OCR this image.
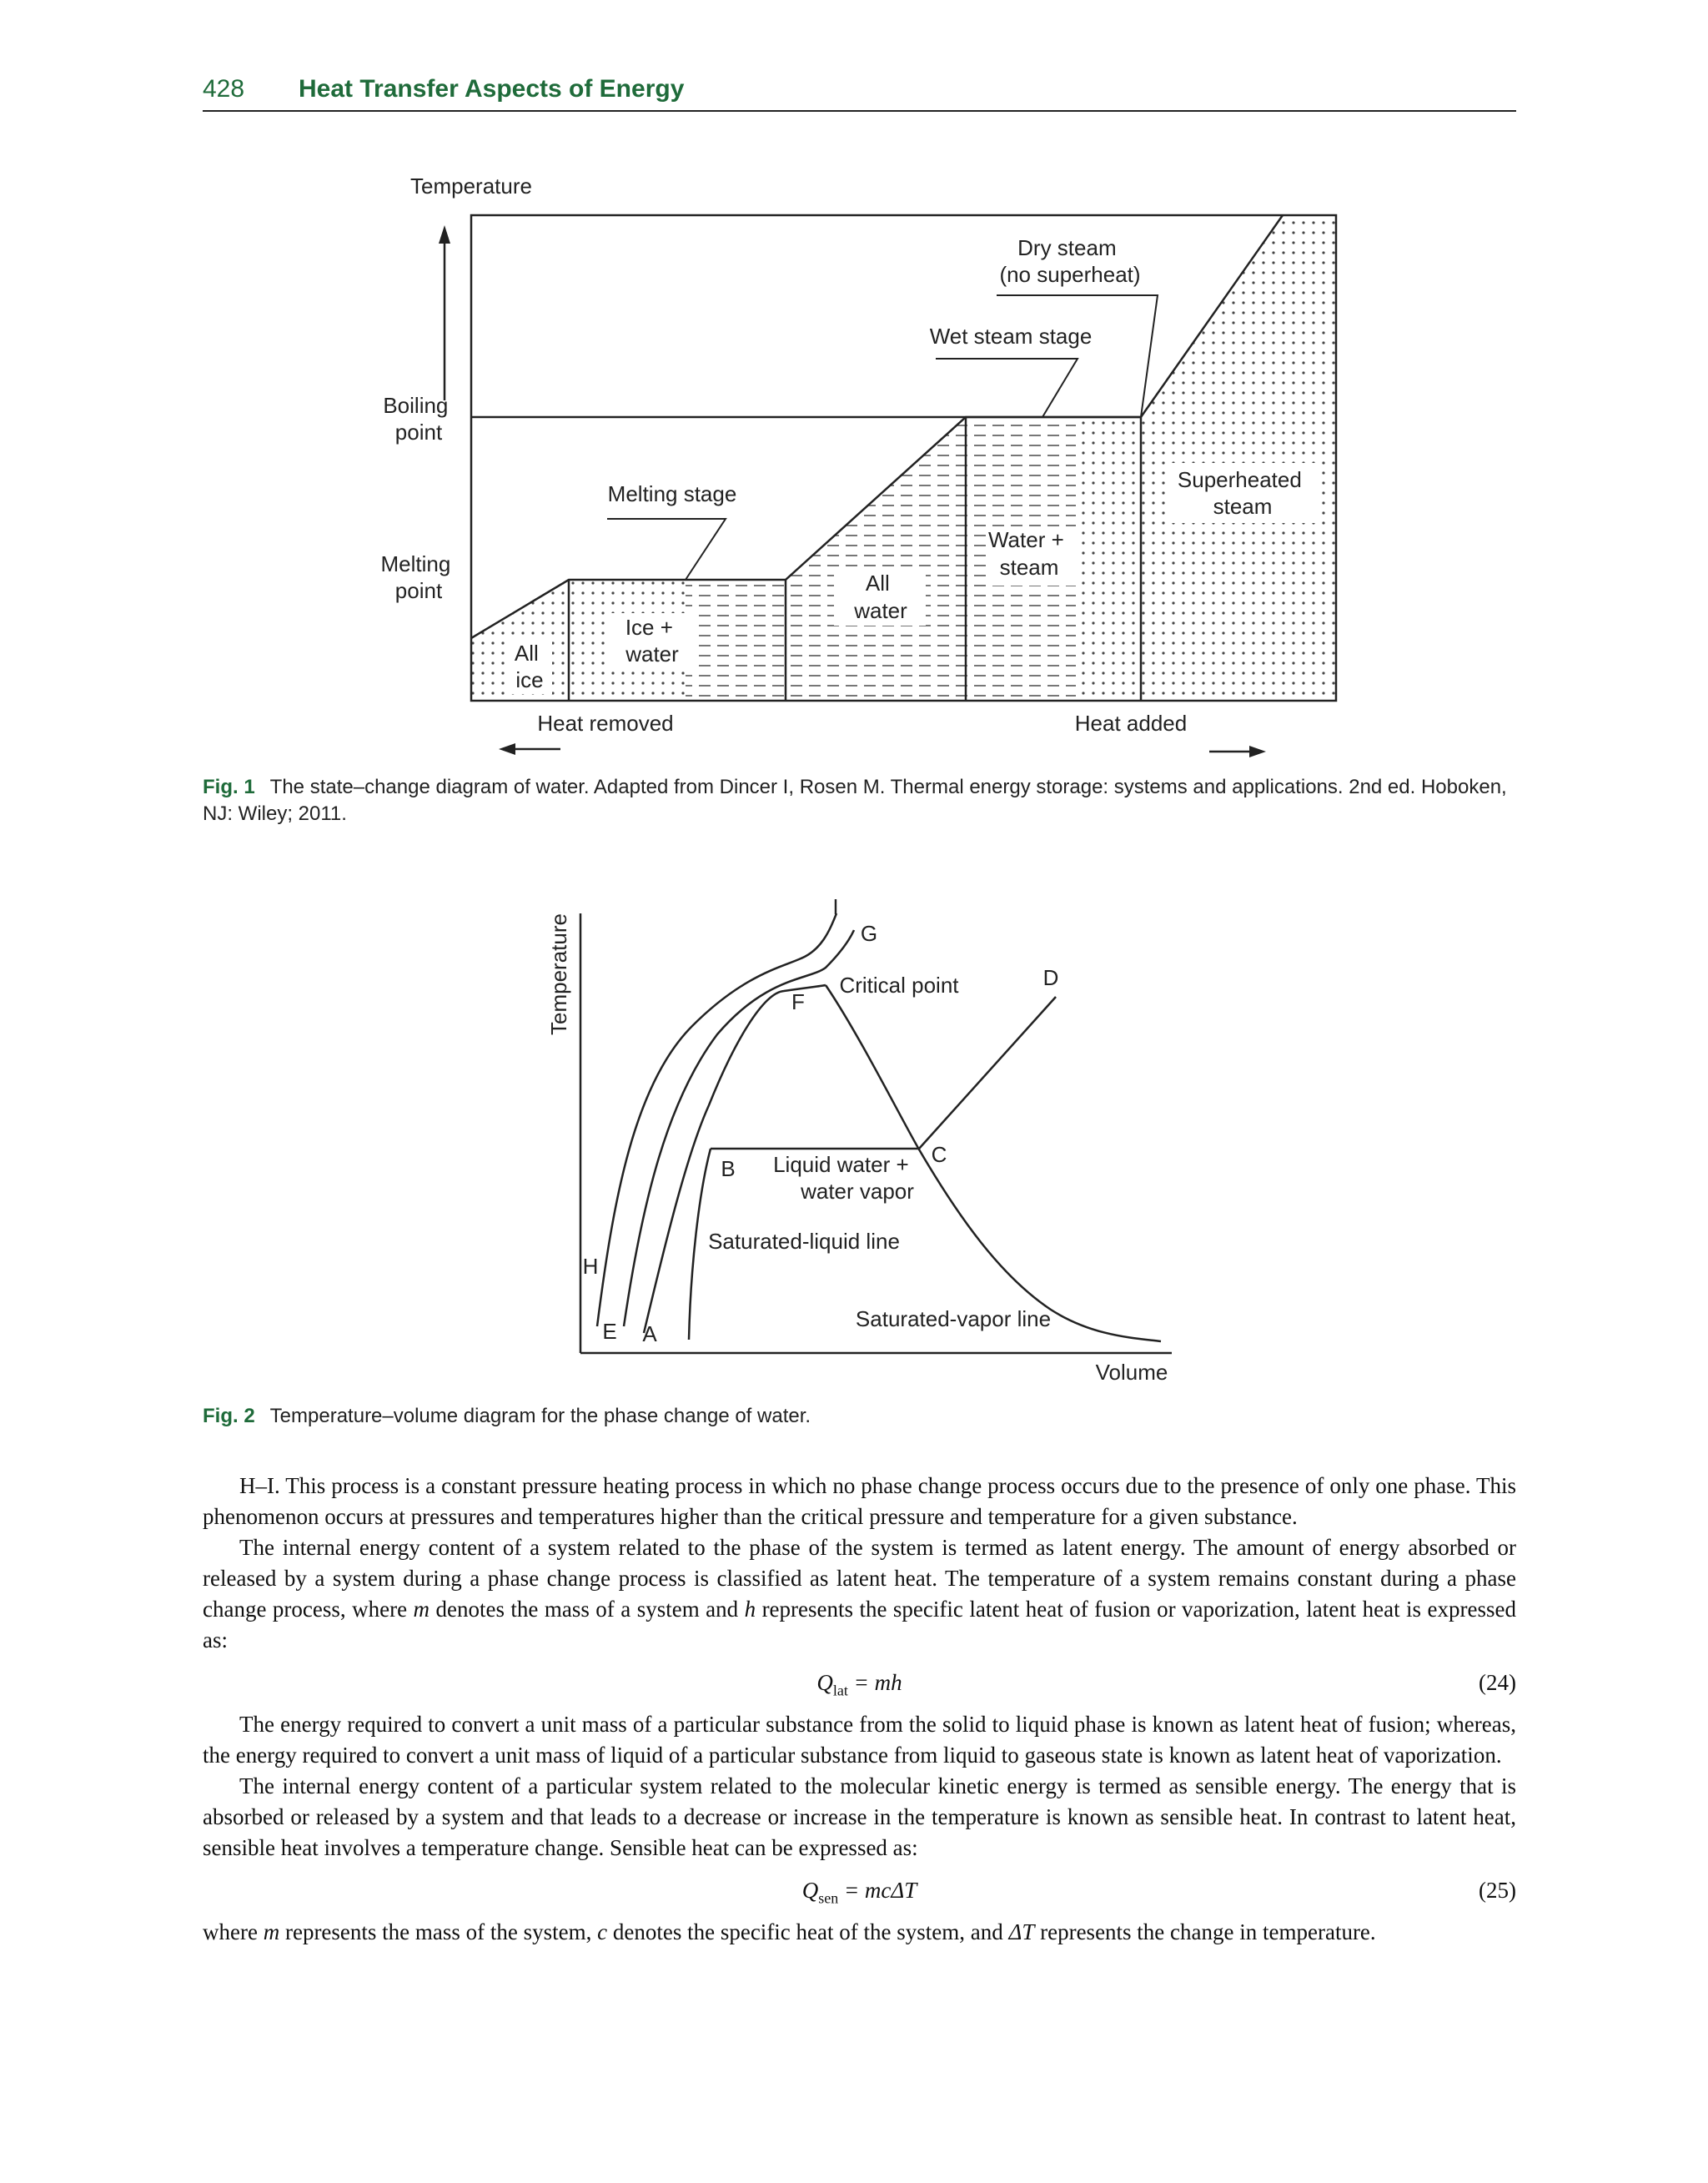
428 Heat Transfer Aspects of Energy
Temperature
Boiling point
Melting point
Dry steam (no superheat)
Wet steam stage
Melting stage
Superheated steam
Water + steam
All water
Ice + water
All ice
Heat removed	Heat added
Fig. 1 The state–change diagram of water. Adapted from Dincer I, Rosen M. Thermal energy storage: systems and applications. 2nd ed. Hoboken, NJ: Wiley; 2011.
Temperature
Volume
I
G
F
Critical point	D
C
B Liquid water + water vapor
Saturated-liquid line
H
Saturated-vapor line
E A
Fig. 2 Temperature–volume diagram for the phase change of water.

H–I. This process is a constant pressure heating process in which no phase change process occurs due to the presence of only one phase. This phenomenon occurs at pressures and temperatures higher than the critical pressure and temperature for a given substance.

The internal energy content of a system related to the phase of the system is termed as latent energy. The amount of energy absorbed or released by a system during a phase change process is classified as latent heat. The temperature of a system remains constant during a phase change process, where m denotes the mass of a system and h represents the specific latent heat of fusion or vaporization, latent heat is expressed as:

$Q_{lat}$ = mh	(24)

The energy required to convert a unit mass of a particular substance from the solid to liquid phase is known as latent heat of fusion; whereas, the energy required to convert a unit mass of liquid of a particular substance from liquid to gaseous state is known as latent heat of vaporization.

The internal energy content of a particular system related to the molecular kinetic energy is termed as sensible energy. The energy that is absorbed or released by a system and that leads to a decrease or increase in the temperature is known as sensible heat. In contrast to latent heat, sensible heat involves a temperature change. Sensible heat can be expressed as:

$Q_{sen} = mc\Delta T$	(25)

where m represents the mass of the system, c denotes the specific heat of the system, and ΔT represents the change in temperature.
